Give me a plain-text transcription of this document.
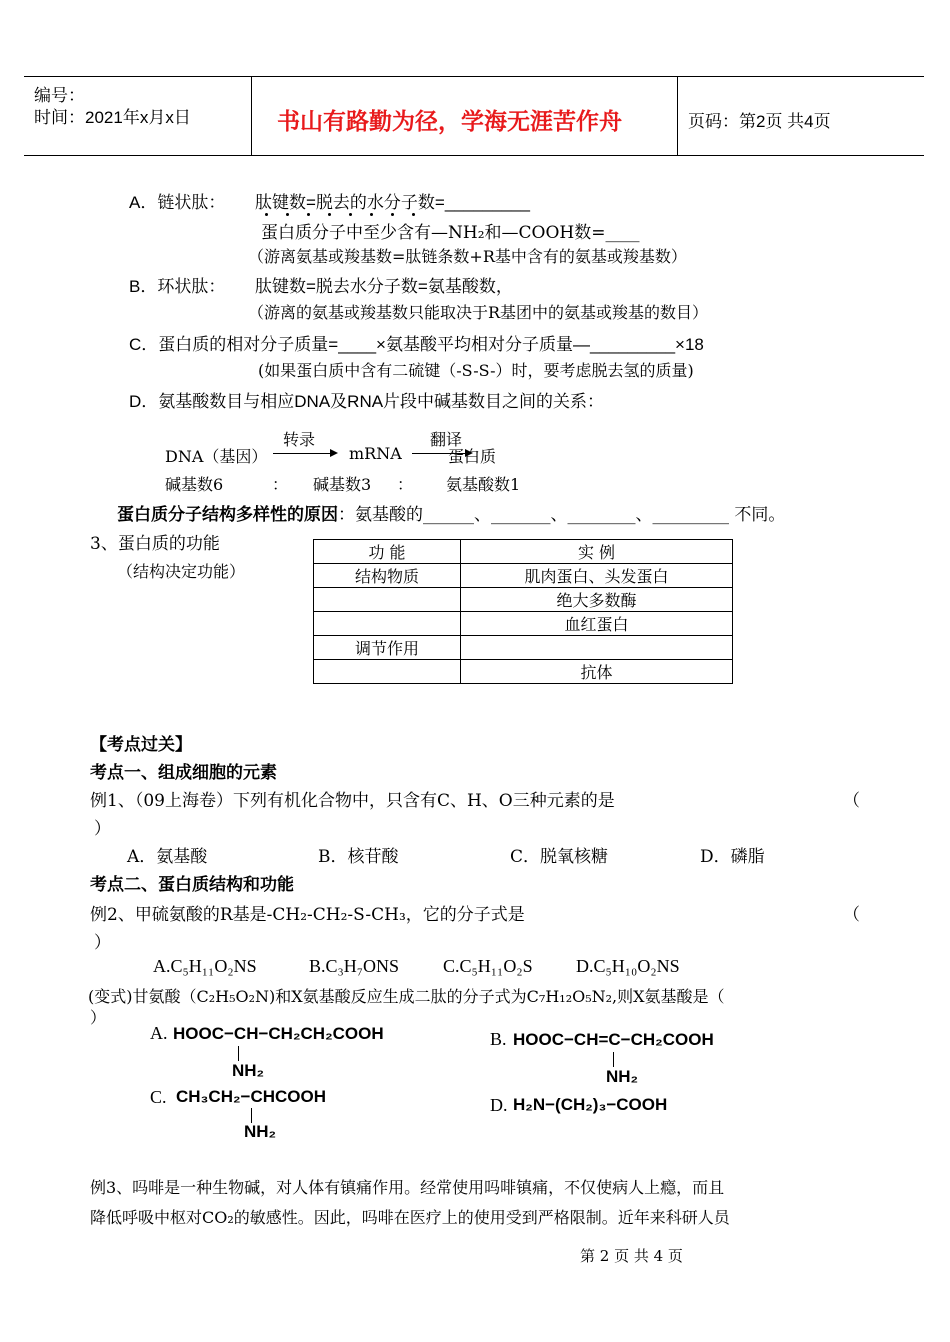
编号：
时间：2021年x月x日	书山有路勤为径，学海无涯苦作舟	页码：第2页 共4页
A．链状肽： 肽键数=脱去的水分子数=_________
蛋白质分子中至少含有—NH₂和—COOH数=____
（游离氨基或羧基数=肽链条数+R基中含有的氨基或羧基数）
B．环状肽： 肽键数=脱去水分子数=氨基酸数，
（游离的氨基或羧基数只能取决于R基团中的氨基或羧基的数目）
C．蛋白质的相对分子质量=____×氨基酸平均相对分子质量—_________×18
(如果蛋白质中含有二硫键（-S-S-）时，要考虑脱去氢的质量)
D．氨基酸数目与相应DNA及RNA片段中碱基数目之间的关系：
转录	翻译
DNA（基因）	mRNA	蛋白质
碱基数6	： 碱基数3 ： 氨基酸数1
蛋白质分子结构多样性的原因：氨基酸的______、_______、________、_________ 不同。
3、蛋白质的功能
（结构决定功能）
功 能	实 例
结构物质	肌肉蛋白、头发蛋白
	绝大多数酶
	血红蛋白
调节作用	
	抗体
【考点过关】
考点一、组成细胞的元素
例1、（09上海卷）下列有机化合物中，只含有C、H、O三种元素的是	（
）
A．氨基酸	B．核苷酸	C．脱氧核糖	D．磷脂
考点二、蛋白质结构和功能
例2、甲硫氨酸的R基是-CH₂-CH₂-S-CH₃，它的分子式是	（
）
A.C₅H₁₁O₂NS	B.C₃H₇ONS C.C₅H₁₁O₂S D.C₅H₁₀O₂NS
(变式)甘氨酸（C₂H₅O₂N)和X氨基酸反应生成二肽的分子式为C₇H₁₂O₅N₂,则X氨基酸是（
）
A. HOOC−CH−CH₂CH₂COOH
NH₂
B. HOOC−CH=C−CH₂COOH
NH₂
C. CH₃CH₂−CHCOOH
NH₂
D. H₂N−(CH₂)₃−COOH
例3、吗啡是一种生物碱，对人体有镇痛作用。经常使用吗啡镇痛，不仅使病人上瘾，而且
降低呼吸中枢对CO₂的敏感性。因此，吗啡在医疗上的使用受到严格限制。近年来科研人员
第 2 页 共 4 页
